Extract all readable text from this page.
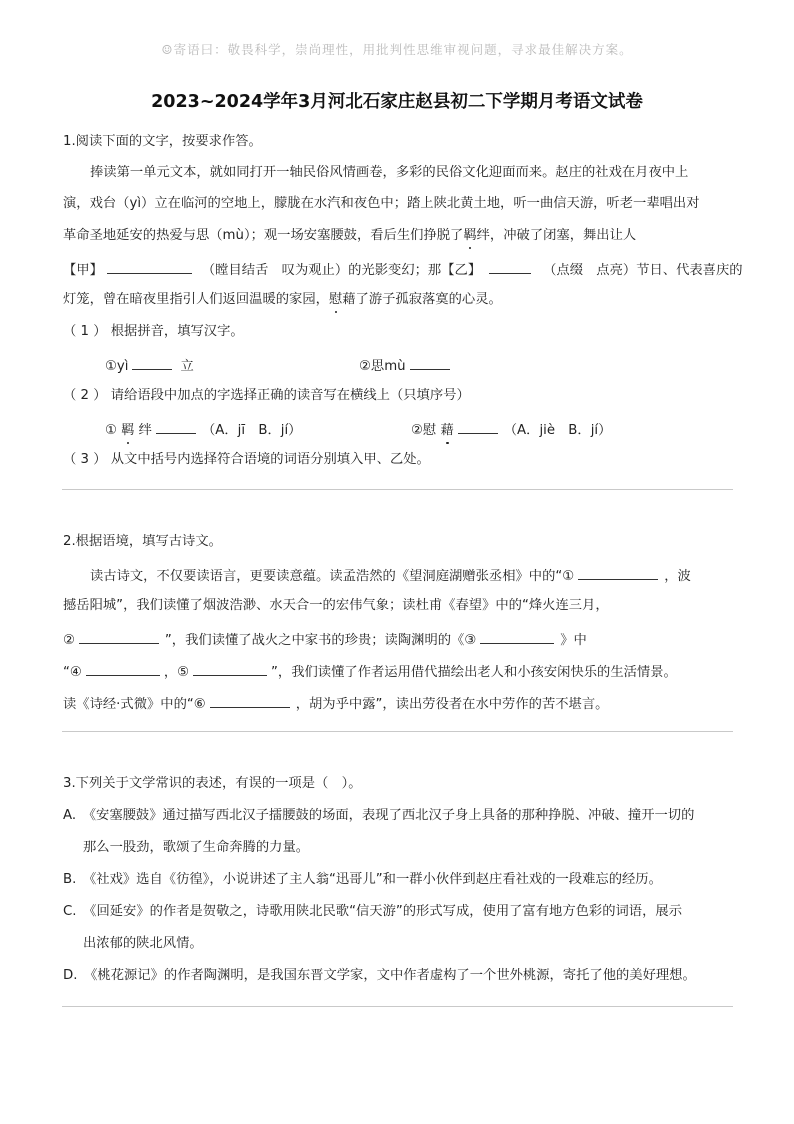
☺寄语曰：敬畏科学，崇尚理性，用批判性思维审视问题，寻求最佳解决方案。
2023~2024学年3月河北石家庄赵县初二下学期月考语文试卷
1.阅读下面的文字，按要求作答。
捧读第一单元文本，就如同打开一轴民俗风情画卷，多彩的民俗文化迎面而来。赵庄的社戏在月夜中上
演，戏台（yì）立在临河的空地上，朦胧在水汽和夜色中；踏上陕北黄土地，听一曲信天游，听老一辈唱出对
革命圣地延安的热爱与思（mù）；观一场安塞腰鼓，看后生们挣脱了羁绊，冲破了闭塞，舞出让人
【甲】	（瞠目结舌　叹为观止）的光影变幻；那【乙】	（点缀　点亮）节日、代表喜庆的
灯笼，曾在暗夜里指引人们返回温暖的家园，慰藉了游子孤寂落寞的心灵。
（ 1 ） 根据拼音，填写汉字。
①yì	立	②思mù
（ 2 ） 请给语段中加点的字选择正确的读音写在横线上（只填序号）
① 羁 绊	（A．jī　B．jí）	②慰 藉	（A．jiè　B．jí）
（ 3 ） 从文中括号内选择符合语境的词语分别填入甲、乙处。
2.根据语境，填写古诗文。
读古诗文，不仅要读语言，更要读意蕴。读孟浩然的《望洞庭湖赠张丞相》中的“①	，波
撼岳阳城”，我们读懂了烟波浩渺、水天合一的宏伟气象；读杜甫《春望》中的“烽火连三月，
②	”，我们读懂了战火之中家书的珍贵；读陶渊明的《③	》中
“④	，⑤	”，我们读懂了作者运用借代描绘出老人和小孩安闲快乐的生活情景。
读《诗经·式微》中的“⑥	，胡为乎中露”，读出劳役者在水中劳作的苦不堪言。
3.下列关于文学常识的表述，有误的一项是（　）。
A.　《安塞腰鼓》通过描写西北汉子擂腰鼓的场面，表现了西北汉子身上具备的那种挣脱、冲破、撞开一切的
那么一股劲，歌颂了生命奔腾的力量。
B.　《社戏》选自《彷徨》，小说讲述了主人翁“迅哥儿”和一群小伙伴到赵庄看社戏的一段难忘的经历。
C.　《回延安》的作者是贺敬之，诗歌用陕北民歌“信天游”的形式写成，使用了富有地方色彩的词语，展示
出浓郁的陕北风情。
D.　《桃花源记》的作者陶渊明，是我国东晋文学家，文中作者虚构了一个世外桃源，寄托了他的美好理想。
